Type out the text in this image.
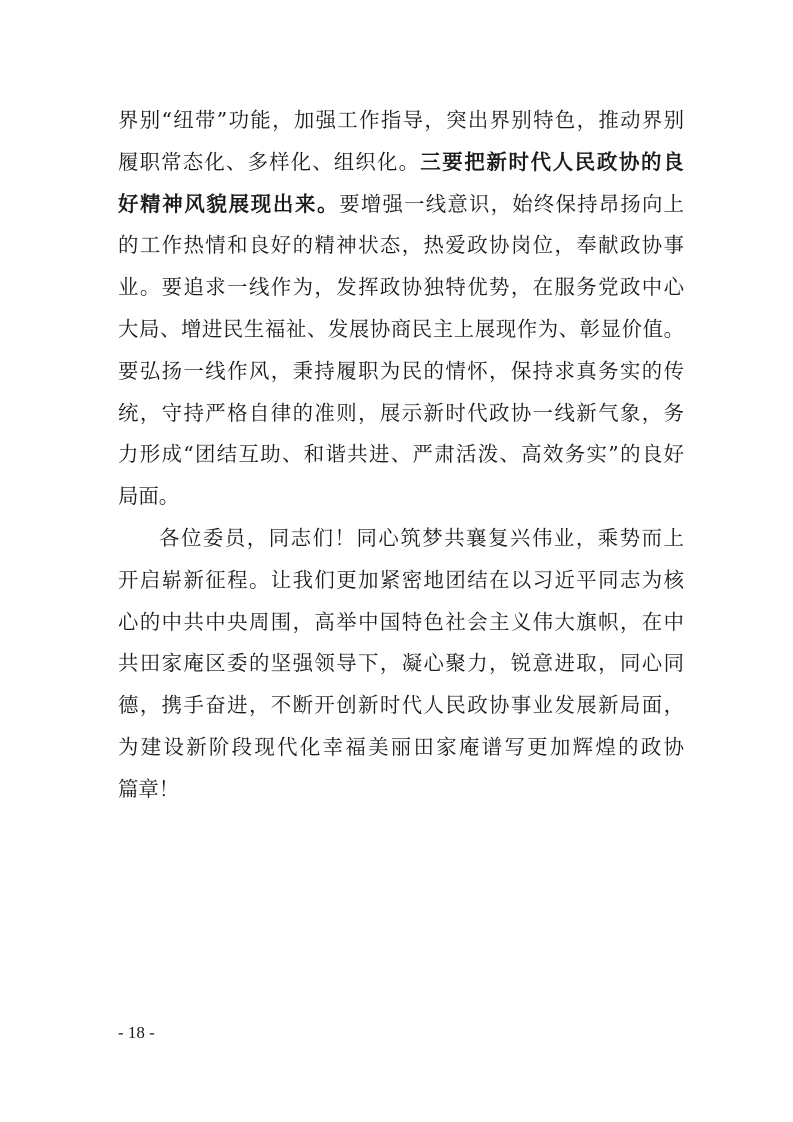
界别“纽带”功能，加强工作指导，突出界别特色，推动界别
履职常态化、多样化、组织化。三要把新时代人民政协的良
好精神风貌展现出来。要增强一线意识，始终保持昂扬向上
的工作热情和良好的精神状态，热爱政协岗位，奉献政协事
业。要追求一线作为，发挥政协独特优势，在服务党政中心
大局、增进民生福祉、发展协商民主上展现作为、彰显价值。
要弘扬一线作风，秉持履职为民的情怀，保持求真务实的传
统，守持严格自律的准则，展示新时代政协一线新气象，务
力形成“团结互助、和谐共进、严肃活泼、高效务实”的良好
局面。
各位委员，同志们！同心筑梦共襄复兴伟业，乘势而上
开启崭新征程。让我们更加紧密地团结在以习近平同志为核
心的中共中央周围，高举中国特色社会主义伟大旗帜，在中
共田家庵区委的坚强领导下，凝心聚力，锐意进取，同心同
德，携手奋进，不断开创新时代人民政协事业发展新局面，
为建设新阶段现代化幸福美丽田家庵谱写更加辉煌的政协
篇章！
- 18 -
